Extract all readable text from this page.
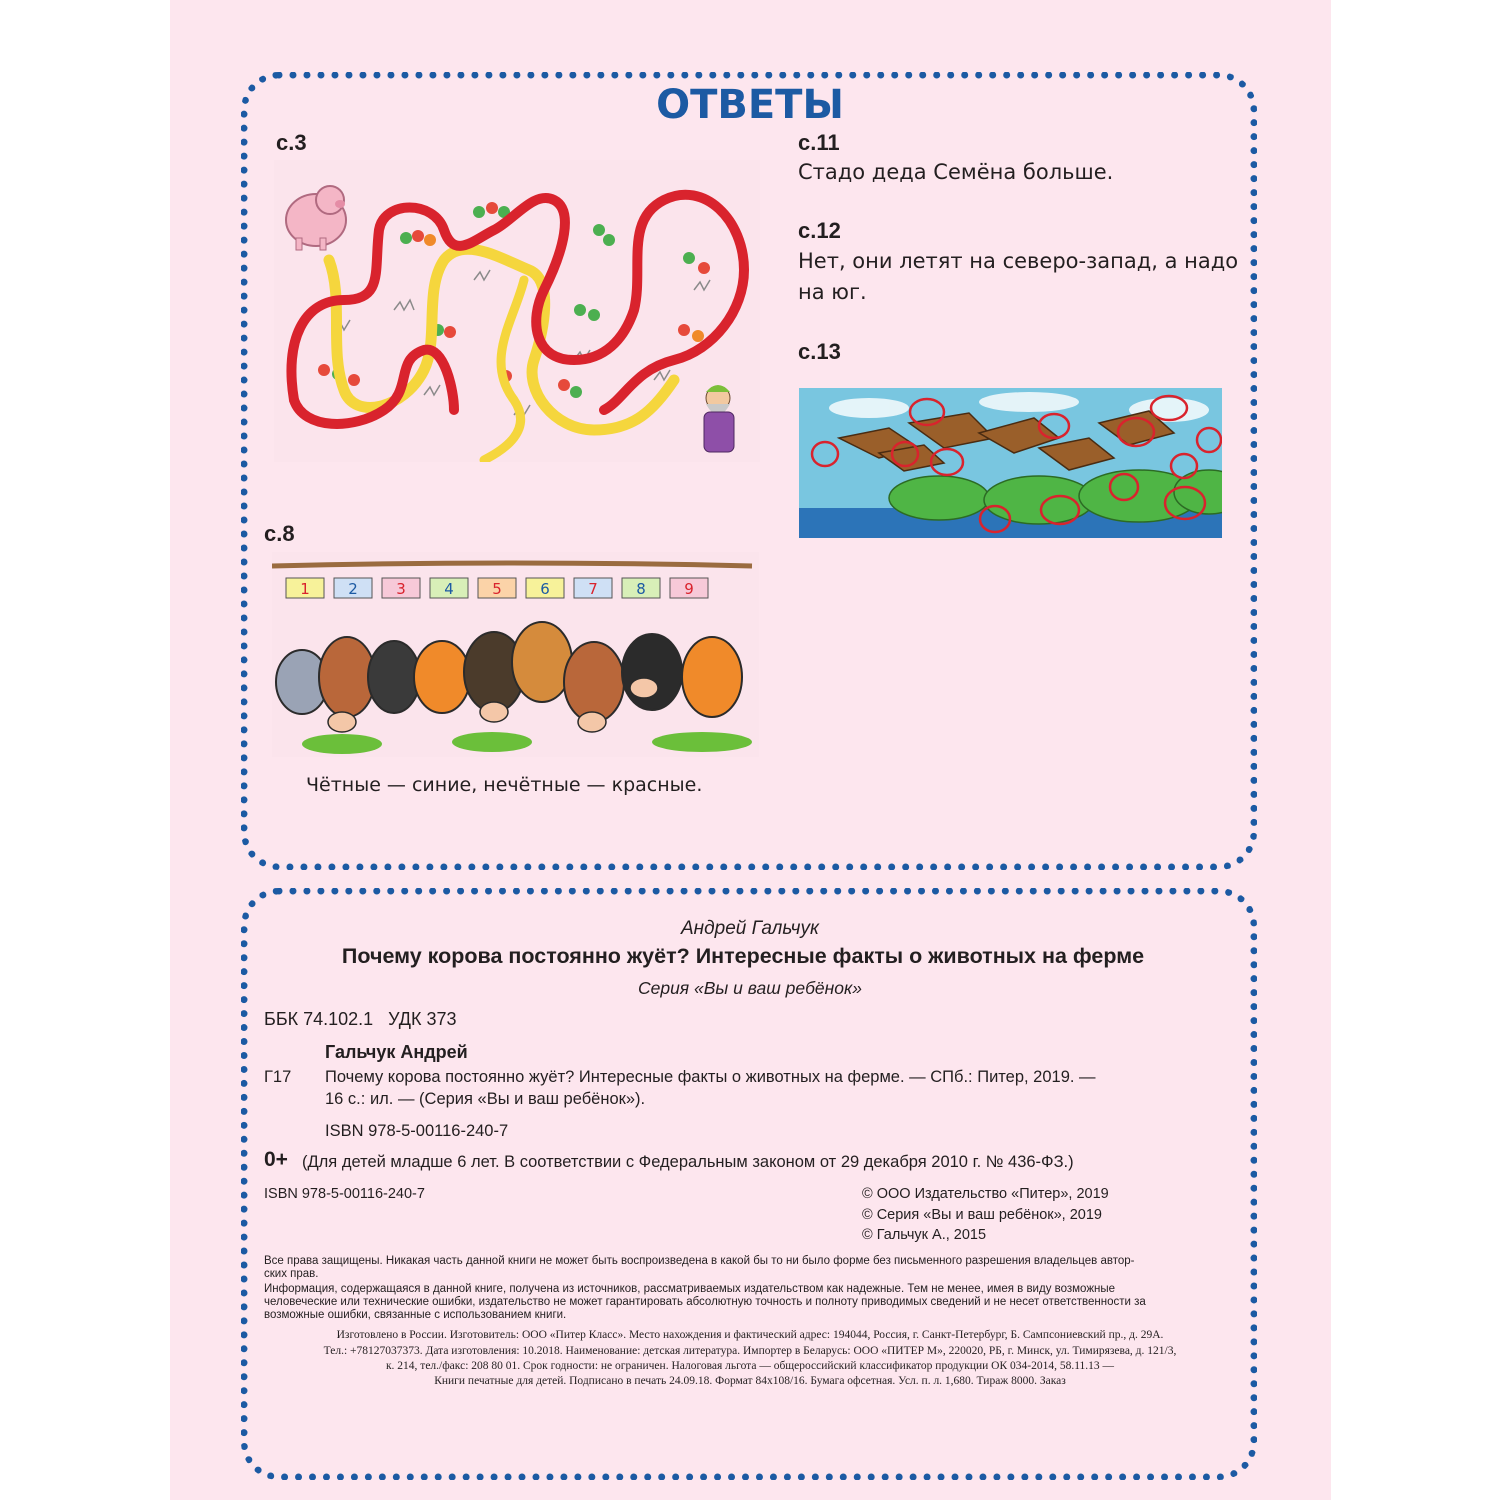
ОТВЕТЫ
с.3
с.8
1	2	3	4	5	6	7	8	9
Чётные — синие, нечётные — красные.
с.11
Стадо деда Семёна больше.
с.12
Нет, они летят на северо-запад, а надо
на юг.
с.13
Андрей Гальчук
Почему корова постоянно жуёт? Интересные факты о животных на ферме
Серия «Вы и ваш ребёнок»
ББК 74.102.1   УДК 373
Гальчук Андрей
Г17 Почему корова постоянно жуёт? Интересные факты о животных на ферме. — СПб.: Питер, 2019. —
16 с.: ил. — (Серия «Вы и ваш ребёнок»).
ISBN 978-5-00116-240-7
0+ (Для детей младше 6 лет. В соответствии с Федеральным законом от 29 декабря 2010 г. № 436-ФЗ.)
ISBN 978-5-00116-240-7	© ООО Издательство «Питер», 2019
© Серия «Вы и ваш ребёнок», 2019
© Гальчук А., 2015
Все права защищены. Никакая часть данной книги не может быть воспроизведена в какой бы то ни было форме без письменного разрешения владельцев автор-
ских прав.
Информация, содержащаяся в данной книге, получена из источников, рассматриваемых издательством как надежные. Тем не менее, имея в виду возможные
человеческие или технические ошибки, издательство не может гарантировать абсолютную точность и полноту приводимых сведений и не несет ответственности за
возможные ошибки, связанные с использованием книги.
Изготовлено в России. Изготовитель: ООО «Питер Класс». Место нахождения и фактический адрес: 194044, Россия, г. Санкт-Петербург, Б. Сампсониевский пр., д. 29А.
Тел.: +78127037373. Дата изготовления: 10.2018. Наименование: детская литература. Импортер в Беларусь: ООО «ПИТЕР М», 220020, РБ, г. Минск, ул. Тимирязева, д. 121/3,
к. 214, тел./факс: 208 80 01. Срок годности: не ограничен. Налоговая льгота — общероссийский классификатор продукции ОК 034-2014, 58.11.13 —
Книги печатные для детей. Подписано в печать 24.09.18. Формат 84х108/16. Бумага офсетная. Усл. п. л. 1,680. Тираж 8000. Заказ
